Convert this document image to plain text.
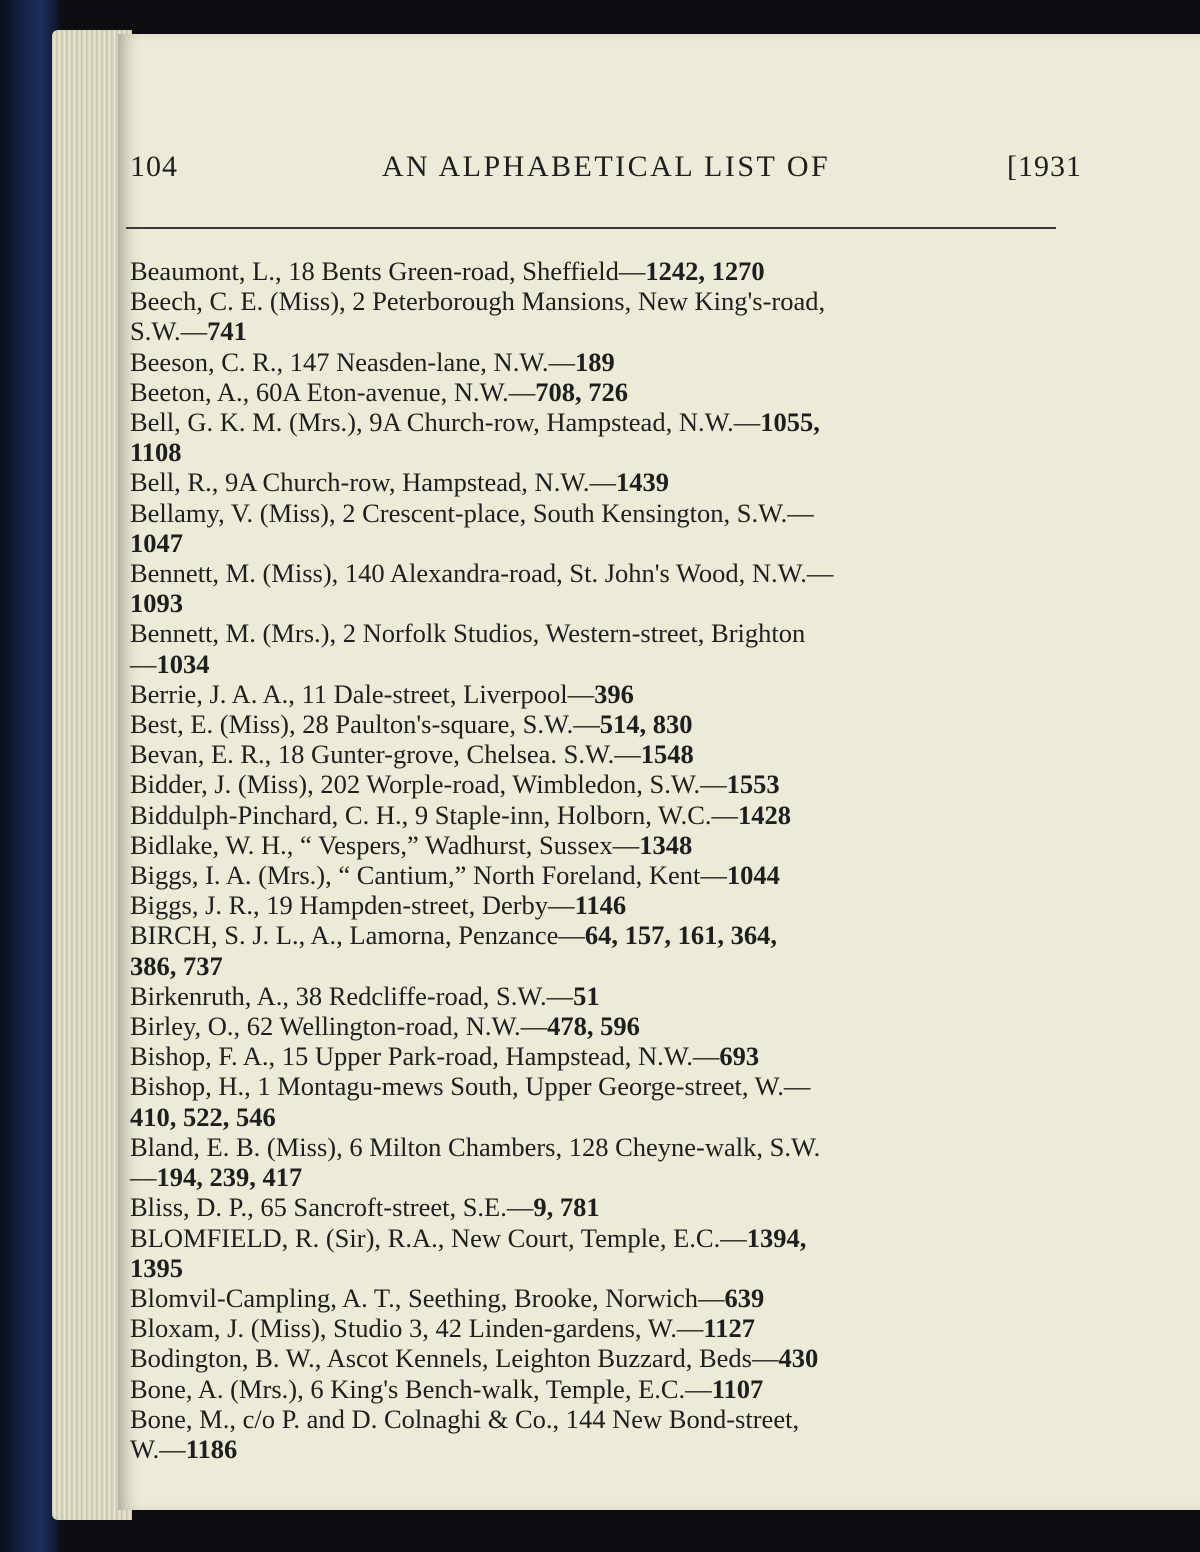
104	AN ALPHABETICAL LIST OF	[1931
Beaumont, L., 18 Bents Green-road, Sheffield—1242, 1270
Beech, C. E. (Miss), 2 Peterborough Mansions, New King's-road,
S.W.—741
Beeson, C. R., 147 Neasden-lane, N.W.—189
Beeton, A., 60A Eton-avenue, N.W.—708, 726
Bell, G. K. M. (Mrs.), 9A Church-row, Hampstead, N.W.—1055,
1108
Bell, R., 9A Church-row, Hampstead, N.W.—1439
Bellamy, V. (Miss), 2 Crescent-place, South Kensington, S.W.—
1047
Bennett, M. (Miss), 140 Alexandra-road, St. John's Wood, N.W.—
1093
Bennett, M. (Mrs.), 2 Norfolk Studios, Western-street, Brighton
—1034
Berrie, J. A. A., 11 Dale-street, Liverpool—396
Best, E. (Miss), 28 Paulton's-square, S.W.—514, 830
Bevan, E. R., 18 Gunter-grove, Chelsea. S.W.—1548
Bidder, J. (Miss), 202 Worple-road, Wimbledon, S.W.—1553
Biddulph-Pinchard, C. H., 9 Staple-inn, Holborn, W.C.—1428
Bidlake, W. H., “ Vespers,” Wadhurst, Sussex—1348
Biggs, I. A. (Mrs.), “ Cantium,” North Foreland, Kent—1044
Biggs, J. R., 19 Hampden-street, Derby—1146
BIRCH, S. J. L., A., Lamorna, Penzance—64, 157, 161, 364,
386, 737
Birkenruth, A., 38 Redcliffe-road, S.W.—51
Birley, O., 62 Wellington-road, N.W.—478, 596
Bishop, F. A., 15 Upper Park-road, Hampstead, N.W.—693
Bishop, H., 1 Montagu-mews South, Upper George-street, W.—
410, 522, 546
Bland, E. B. (Miss), 6 Milton Chambers, 128 Cheyne-walk, S.W.
—194, 239, 417
Bliss, D. P., 65 Sancroft-street, S.E.—9, 781
BLOMFIELD, R. (Sir), R.A., New Court, Temple, E.C.—1394,
1395
Blomvil-Campling, A. T., Seething, Brooke, Norwich—639
Bloxam, J. (Miss), Studio 3, 42 Linden-gardens, W.—1127
Bodington, B. W., Ascot Kennels, Leighton Buzzard, Beds—430
Bone, A. (Mrs.), 6 King's Bench-walk, Temple, E.C.—1107
Bone, M., c/o P. and D. Colnaghi & Co., 144 New Bond-street,
W.—1186
